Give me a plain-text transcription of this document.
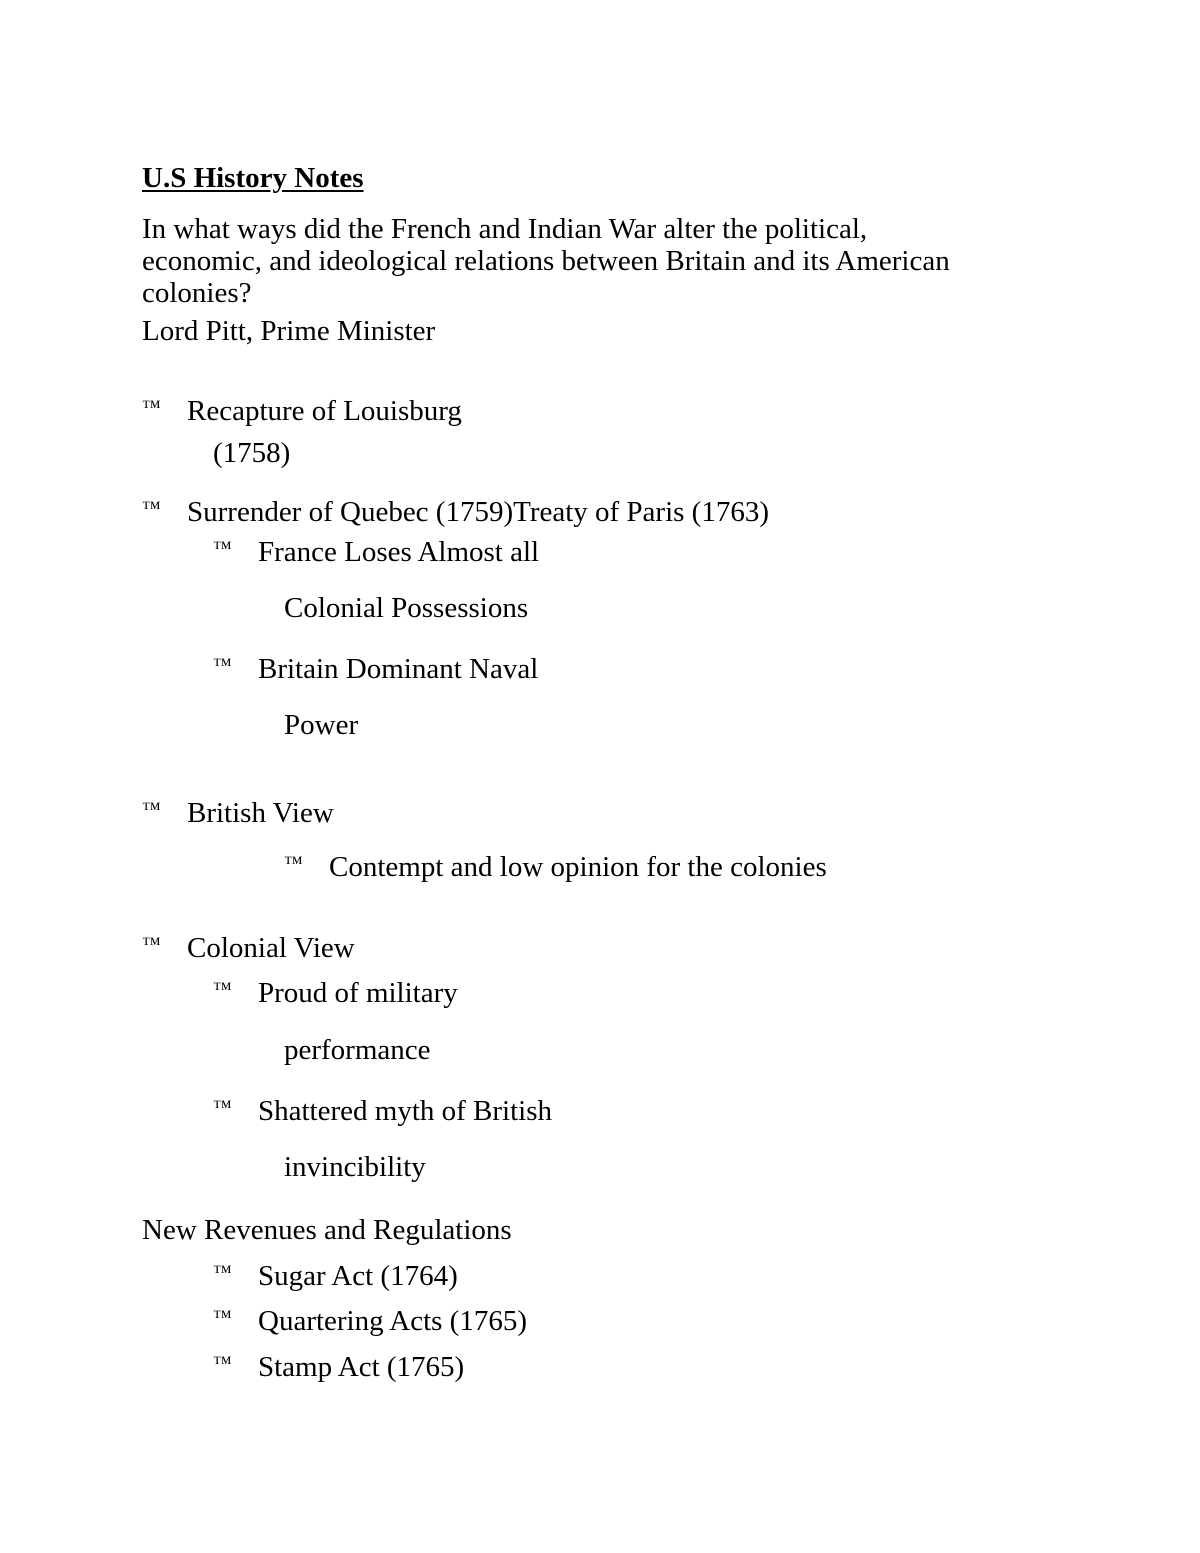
U.S History Notes
In what ways did the French and Indian War alter the political,
economic, and ideological relations between Britain and its American
colonies?
Lord Pitt, Prime Minister
™ Recapture of Louisburg
(1758)
™ Surrender of Quebec (1759)Treaty of Paris (1763)
™ France Loses Almost all
Colonial Possessions
™ Britain Dominant Naval
Power
™ British View
™ Contempt and low opinion for the colonies
™ Colonial View
™ Proud of military
performance
™ Shattered myth of British
invincibility
New Revenues and Regulations
™ Sugar Act (1764)
™ Quartering Acts (1765)
™ Stamp Act (1765)
